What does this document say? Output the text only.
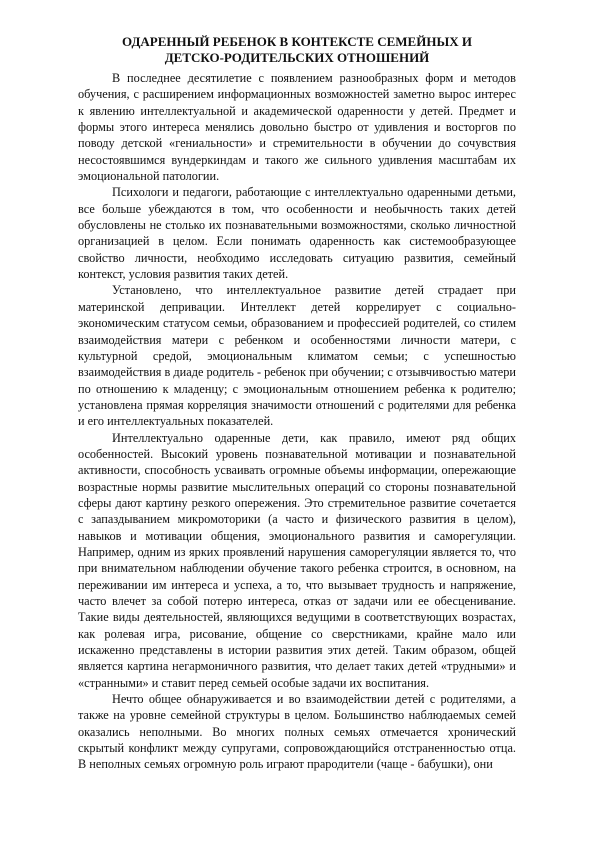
ОДАРЕННЫЙ РЕБЕНОК В КОНТЕКСТЕ СЕМЕЙНЫХ И
ДЕТСКО-РОДИТЕЛЬСКИХ ОТНОШЕНИЙ

В последнее десятилетие с появлением разнообразных форм и методов обучения, с расширением информационных возможностей заметно вырос интерес к явлению интеллектуальной и академической одаренности у детей. Предмет и формы этого интереса менялись довольно быстро от удивления и восторгов по поводу детской «гениальности» и стремительности в обучении до сочувствия несостоявшимся вундеркиндам и такого же сильного удивления масштабам их эмоциональной патологии.

Психологи и педагоги, работающие с интеллектуально одаренными детьми, все больше убеждаются в том, что особенности и необычность таких детей обусловлены не столько их познавательными возможностями, сколько личностной организацией в целом. Если понимать одаренность как системообразующее свойство личности, необходимо исследовать ситуацию развития, семейный контекст, условия развития таких детей.

Установлено, что интеллектуальное развитие детей страдает при материнской депривации. Интеллект детей коррелирует с социально-экономическим статусом семьи, образованием и профессией родителей, со стилем взаимодействия матери с ребенком и особенностями личности матери, с культурной средой, эмоциональным климатом семьи; с успешностью взаимодействия в диаде родитель - ребенок при обучении; с отзывчивостью матери по отношению к младенцу; с эмоциональным отношением ребенка к родителю; установлена прямая корреляция значимости отношений с родителями для ребенка и его интеллектуальных показателей.

Интеллектуально одаренные дети, как правило, имеют ряд общих особенностей. Высокий уровень познавательной мотивации и познавательной активности, способность усваивать огромные объемы информации, опережающие возрастные нормы развитие мыслительных операций со стороны познавательной сферы дают картину резкого опережения. Это стремительное развитие сочетается с запаздыванием микромоторики (а часто и физического развития в целом), навыков и мотивации общения, эмоционального развития и саморегуляции. Например, одним из ярких проявлений нарушения саморегуляции является то, что при внимательном наблюдении обучение такого ребенка строится, в основном, на переживании им интереса и успеха, а то, что вызывает трудность и напряжение, часто влечет за собой потерю интереса, отказ от задачи или ее обесценивание. Такие виды деятельностей, являющихся ведущими в соответствующих возрастах, как ролевая игра, рисование, общение со сверстниками, крайне мало или искаженно представлены в истории развития этих детей. Таким образом, общей является картина негармоничного развития, что делает таких детей «трудными» и «странными» и ставит перед семьей особые задачи их воспитания.

Нечто общее обнаруживается и во взаимодействии детей с родителями, а также на уровне семейной структуры в целом. Большинство наблюдаемых семей оказались неполными. Во многих полных семьях отмечается хронический скрытый конфликт между супругами, сопровождающийся отстраненностью отца. В неполных семьях огромную роль играют прародители (чаще - бабушки), они
